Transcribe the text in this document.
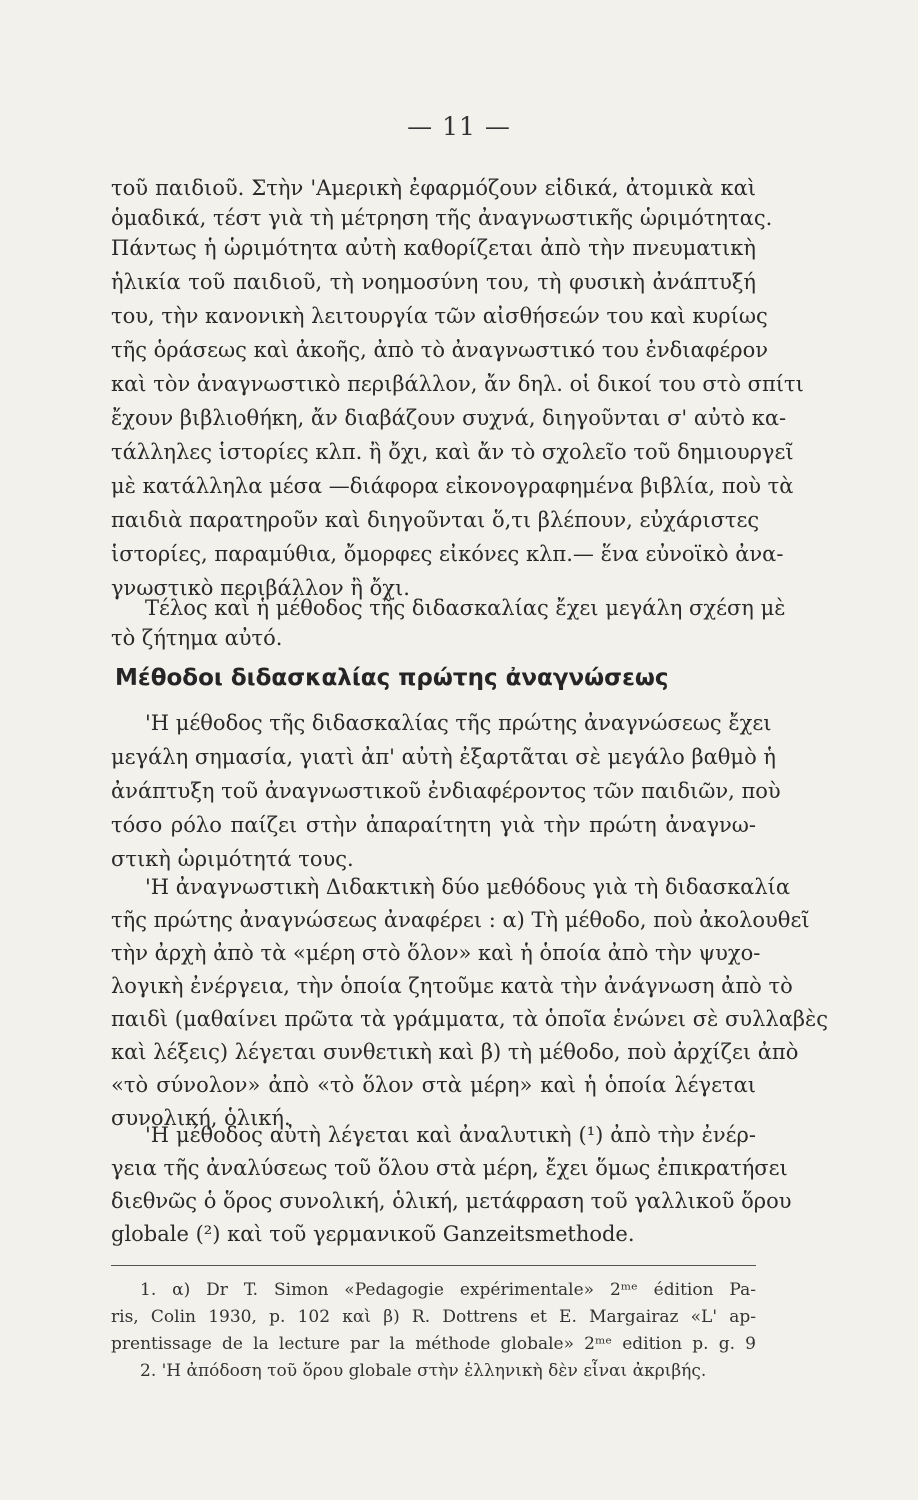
— 11 —
τοῦ παιδιοῦ. Στὴν 'Αμερικὴ ἐφαρμόζουν εἰδικά, ἀτομικὰ καὶ
ὁμαδικά, τέστ γιὰ τὴ μέτρηση τῆς ἀναγνωστικῆς ὡριμότητας.
Πάντως ἡ ὡριμότητα αὐτὴ καθορίζεται ἀπὸ τὴν πνευματικὴ
ἡλικία τοῦ παιδιοῦ, τὴ νοημοσύνη του, τὴ φυσικὴ ἀνάπτυξή
του, τὴν κανονικὴ λειτουργία τῶν αἰσθήσεών του καὶ κυρίως
τῆς ὁράσεως καὶ ἀκοῆς, ἀπὸ τὸ ἀναγνωστικό του ἐνδιαφέρον
καὶ τὸν ἀναγνωστικὸ περιβάλλον, ἄν δηλ. οἱ δικοί του στὸ σπίτι
ἔχουν βιβλιοθήκη, ἄν διαβάζουν συχνά, διηγοῦνται σ' αὐτὸ κα-
τάλληλες ἱστορίες κλπ. ἢ ὄχι, καὶ ἄν τὸ σχολεῖο τοῦ δημιουργεῖ
μὲ κατάλληλα μέσα —διάφορα εἰκονογραφημένα βιβλία, ποὺ τὰ
παιδιὰ παρατηροῦν καὶ διηγοῦνται ὅ,τι βλέπουν, εὐχάριστες
ἱστορίες, παραμύθια, ὄμορφες εἰκόνες κλπ.— ἕνα εὐνοϊκὸ ἀνα-
γνωστικὸ περιβάλλον ἢ ὄχι.
Τέλος καὶ ἡ μέθοδος τῆς διδασκαλίας ἔχει μεγάλη σχέση μὲ
τὸ ζήτημα αὐτό.
Μέθοδοι διδασκαλίας πρώτης ἀναγνώσεως
'Η μέθοδος τῆς διδασκαλίας τῆς πρώτης ἀναγνώσεως ἔχει
μεγάλη σημασία, γιατὶ ἀπ' αὐτὴ ἐξαρτᾶται σὲ μεγάλο βαθμὸ ἡ
ἀνάπτυξη τοῦ ἀναγνωστικοῦ ἐνδιαφέροντος τῶν παιδιῶν, ποὺ
τόσο ρόλο παίζει στὴν ἀπαραίτητη γιὰ τὴν πρώτη ἀναγνω-
στικὴ ὡριμότητά τους.
'Η ἀναγνωστικὴ Διδακτικὴ δύο μεθόδους γιὰ τὴ διδασκαλία
τῆς πρώτης ἀναγνώσεως ἀναφέρει : α) Τὴ μέθοδο, ποὺ ἀκολουθεῖ
τὴν ἀρχὴ ἀπὸ τὰ «μέρη στὸ ὅλον» καὶ ἡ ὁποία ἀπὸ τὴν ψυχο-
λογικὴ ἐνέργεια, τὴν ὁποία ζητοῦμε κατὰ τὴν ἀνάγνωση ἀπὸ τὸ
παιδὶ (μαθαίνει πρῶτα τὰ γράμματα, τὰ ὁποῖα ἑνώνει σὲ συλλαβὲς
καὶ λέξεις) λέγεται συνθετικὴ καὶ β) τὴ μέθοδο, ποὺ ἀρχίζει ἀπὸ
«τὸ σύνολον» ἀπὸ «τὸ ὅλον στὰ μέρη» καὶ ἡ ὁποία λέγεται
συνολική, ὁλική.
'Η μέθοδος αὐτὴ λέγεται καὶ ἀναλυτικὴ (¹) ἀπὸ τὴν ἐνέρ-
γεια τῆς ἀναλύσεως τοῦ ὅλου στὰ μέρη, ἔχει ὅμως ἐπικρατήσει
διεθνῶς ὁ ὅρος συνολική, ὁλική, μετάφραση τοῦ γαλλικοῦ ὅρου
globale (²) καὶ τοῦ γερμανικοῦ Ganzeitsmethode.
1. α) Dr T. Simon «Pedagogie expérimentale» 2ᵐᵉ édition Pa-
ris, Colin 1930, p. 102 καὶ β) R. Dottrens et E. Margairaz «L' ap-
prentissage de la lecture par la méthode globale» 2ᵐᵉ edition p. g. 9
2. 'Η ἀπόδοση τοῦ ὅρου globale στὴν ἑλληνικὴ δὲν εἶναι ἀκριβής.
